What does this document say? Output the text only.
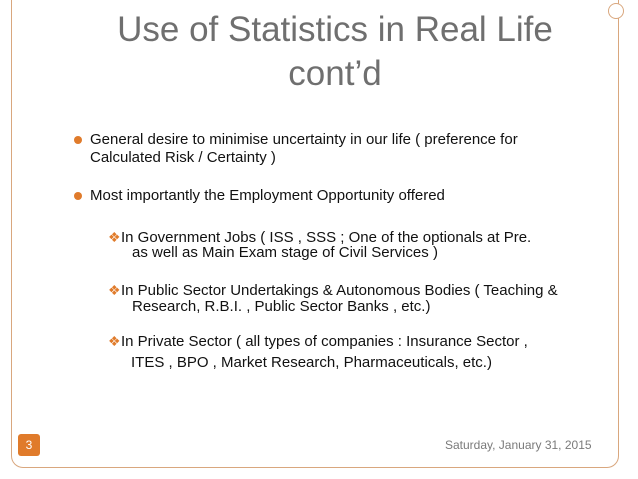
Use of Statistics in Real Life
cont’d
General desire to minimise uncertainty in our life ( preference for
Calculated Risk / Certainty )
Most importantly the Employment Opportunity offered
❖ In Government Jobs ( ISS , SSS ; One of the optionals at Pre.
as well as Main Exam stage of Civil Services )
❖ In Public Sector Undertakings & Autonomous Bodies ( Teaching &
Research, R.B.I. , Public Sector Banks , etc.)
❖ In Private Sector ( all types of companies : Insurance Sector ,
ITES , BPO , Market Research, Pharmaceuticals, etc.)
3	Saturday, January 31, 2015
